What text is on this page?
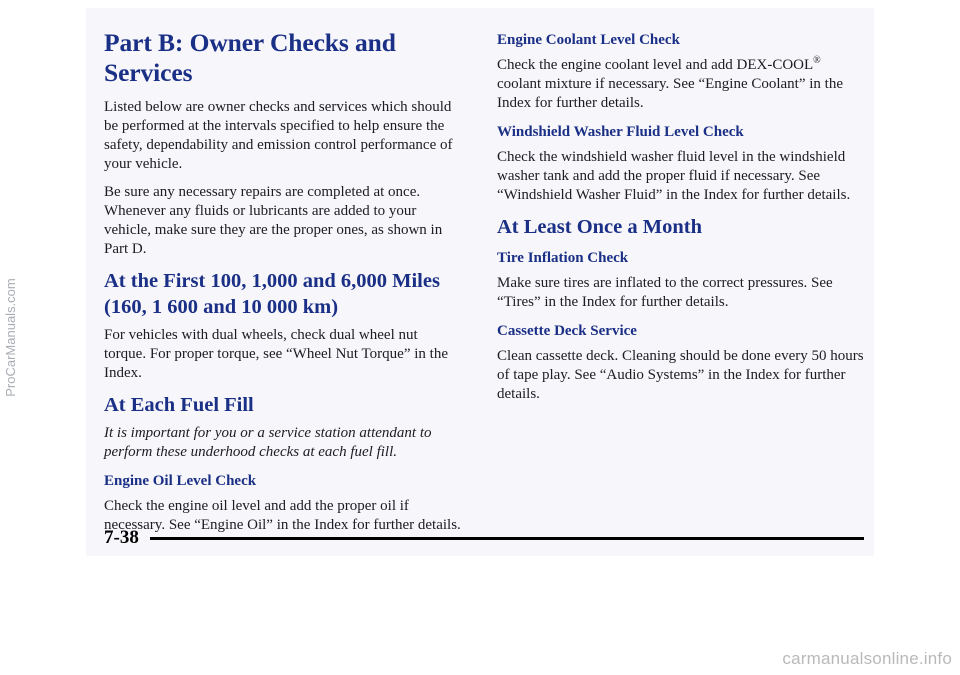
Part B: Owner Checks and Services

Listed below are owner checks and services which should be performed at the intervals specified to help ensure the safety, dependability and emission control performance of your vehicle.

Be sure any necessary repairs are completed at once. Whenever any fluids or lubricants are added to your vehicle, make sure they are the proper ones, as shown in Part D.

At the First 100, 1,000 and 6,000 Miles
(160, 1 600 and 10 000 km)

For vehicles with dual wheels, check dual wheel nut torque. For proper torque, see “Wheel Nut Torque” in the Index.

At Each Fuel Fill

It is important for you or a service station attendant to perform these underhood checks at each fuel fill.

Engine Oil Level Check

Check the engine oil level and add the proper oil if necessary. See “Engine Oil” in the Index for further details.

Engine Coolant Level Check

Check the engine coolant level and add DEX-COOL® coolant mixture if necessary. See “Engine Coolant” in the Index for further details.

Windshield Washer Fluid Level Check

Check the windshield washer fluid level in the windshield washer tank and add the proper fluid if necessary. See “Windshield Washer Fluid” in the Index for further details.

At Least Once a Month
Tire Inflation Check

Make sure tires are inflated to the correct pressures. See “Tires” in the Index for further details.

Cassette Deck Service

Clean cassette deck. Cleaning should be done every 50 hours of tape play. See “Audio Systems” in the Index for further details.

7-38
ProCarManuals.com
carmanualsonline.info
